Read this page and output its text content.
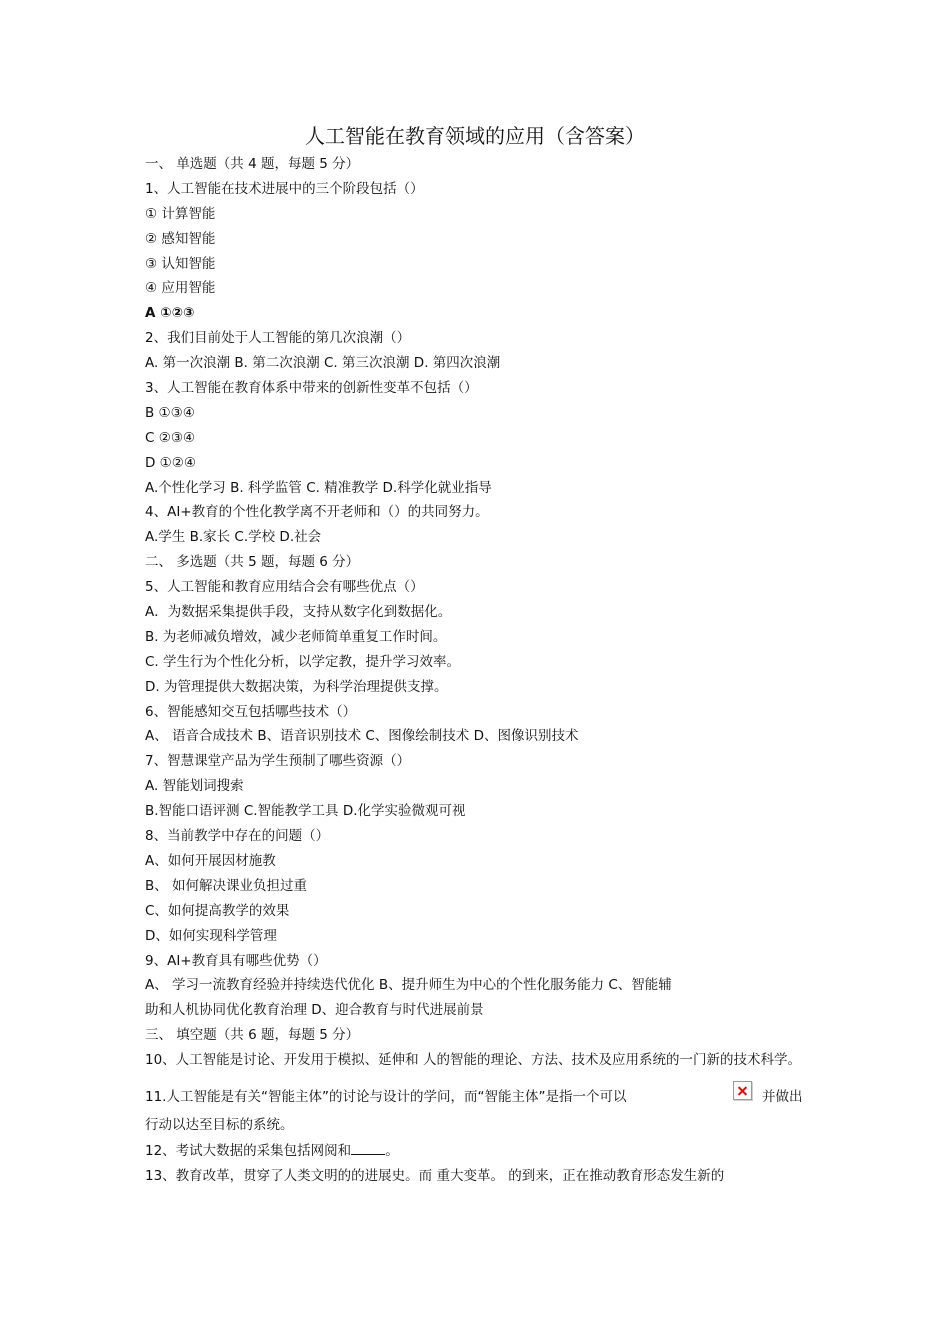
人工智能在教育领域的应用（含答案）
一、 单选题（共 4 题，每题 5 分）
1、人工智能在技术进展中的三个阶段包括（）
① 计算智能
② 感知智能
③ 认知智能
④ 应用智能
A ①②③
2、我们目前处于人工智能的第几次浪潮（）
A. 第一次浪潮 B. 第二次浪潮 C. 第三次浪潮 D. 第四次浪潮
3、人工智能在教育体系中带来的创新性变革不包括（）
B ①③④
C ②③④
D ①②④
A.个性化学习 B. 科学监管 C. 精准教学 D.科学化就业指导
4、AI+教育的个性化教学离不开老师和（）的共同努力。
A.学生 B.家长 C.学校 D.社会
二、 多选题（共 5 题，每题 6 分）
5、人工智能和教育应用结合会有哪些优点（）
A．为数据采集提供手段，支持从数字化到数据化。
B. 为老师减负增效，减少老师简单重复工作时间。
C. 学生行为个性化分析，以学定教，提升学习效率。
D. 为管理提供大数据决策，为科学治理提供支撑。
6、智能感知交互包括哪些技术（）
A、 语音合成技术 B、语音识别技术 C、图像绘制技术 D、图像识别技术
7、智慧课堂产品为学生预制了哪些资源（）
A. 智能划词搜索
B.智能口语评测 C.智能教学工具 D.化学实验微观可视
8、当前教学中存在的问题（）
A、如何开展因材施教
B、 如何解决课业负担过重
C、如何提高教学的效果
D、如何实现科学管理
9、AI+教育具有哪些优势（）
A、 学习一流教育经验并持续迭代优化 B、提升师生为中心的个性化服务能力 C、智能辅
助和人机协同优化教育治理 D、迎合教育与时代进展前景
三、 填空题（共 6 题，每题 5 分）
10、人工智能是讨论、开发用于模拟、延伸和 人的智能的理论、方法、技术及应用系统的一门新的技术科学。
11.人工智能是有关“智能主体”的讨论与设计的学问，而“智能主体”是指一个可以	并做出
行动以达至目标的系统。
12、考试大数据的采集包括网阅和	。
13、教育改革，贯穿了人类文明的的进展史。而 重大变革。 的到来，正在推动教育形态发生新的
